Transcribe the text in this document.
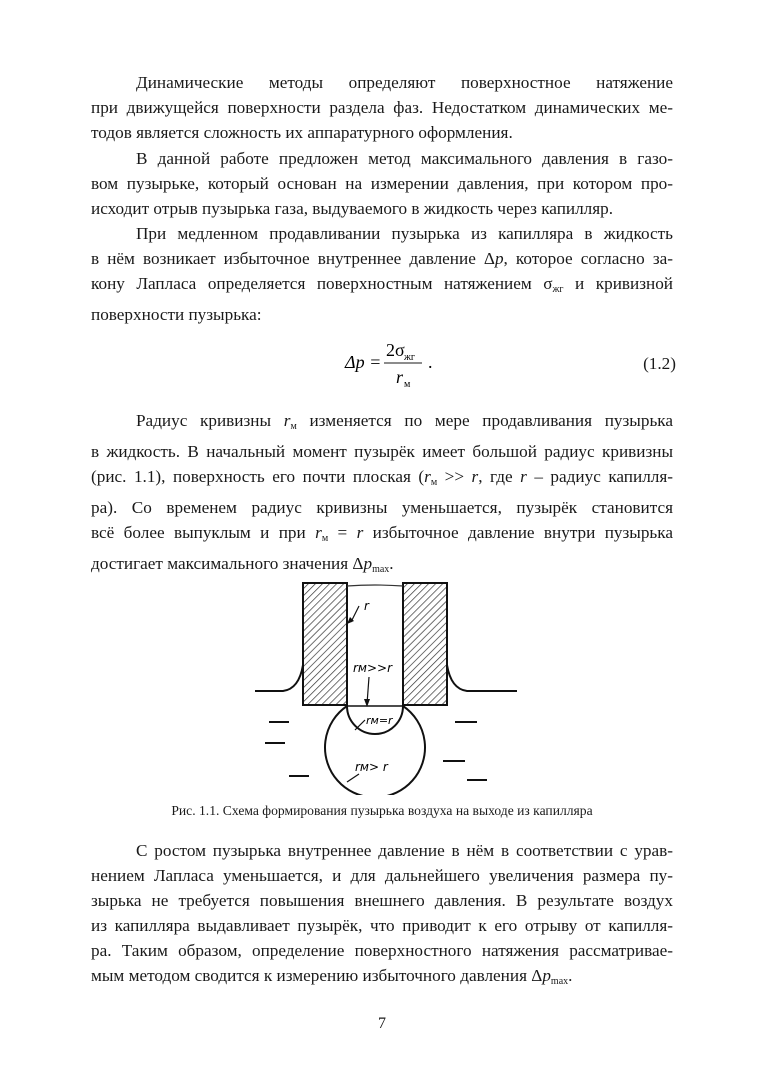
Динамические методы определяют поверхностное натяжение
при движущейся поверхности раздела фаз. Недостатком динамических ме-
тодов является сложность их аппаратурного оформления.
В данной работе предложен метод максимального давления в газо-
вом пузырьке, который основан на измерении давления, при котором про-
исходит отрыв пузырька газа, выдуваемого в жидкость через капилляр.
При медленном продавливании пузырька из капилляра в жидкость
в нём возникает избыточное внутреннее давление Δp, которое согласно за-
кону Лапласа определяется поверхностным натяжением $\sigma_{жг}$ и кривизной
поверхности пузырька:
Δp =
2σ жг
r м
.	(1.2)
Радиус кривизны $r_м$ изменяется по мере продавливания пузырька
в жидкость. В начальный момент пузырёк имеет большой радиус кривизны
(рис. 1.1), поверхность его почти плоская ($r_м >> r$, где r – радиус капилля-
ра). Со временем радиус кривизны уменьшается, пузырёк становится
всё более выпуклым и при $r_м = r$ избыточное давление внутри пузырька
достигает максимального значения $\Delta p_{max}$.
r
rм>>r
rм=r
rм> r
Рис. 1.1. Схема формирования пузырька воздуха на выходе из капилляра
С ростом пузырька внутреннее давление в нём в соответствии с урав-
нением Лапласа уменьшается, и для дальнейшего увеличения размера пу-
зырька не требуется повышения внешнего давления. В результате воздух
из капилляра выдавливает пузырёк, что приводит к его отрыву от капилля-
ра. Таким образом, определение поверхностного натяжения рассматривае-
мым методом сводится к измерению избыточного давления $\Delta p_{max}$.
7
